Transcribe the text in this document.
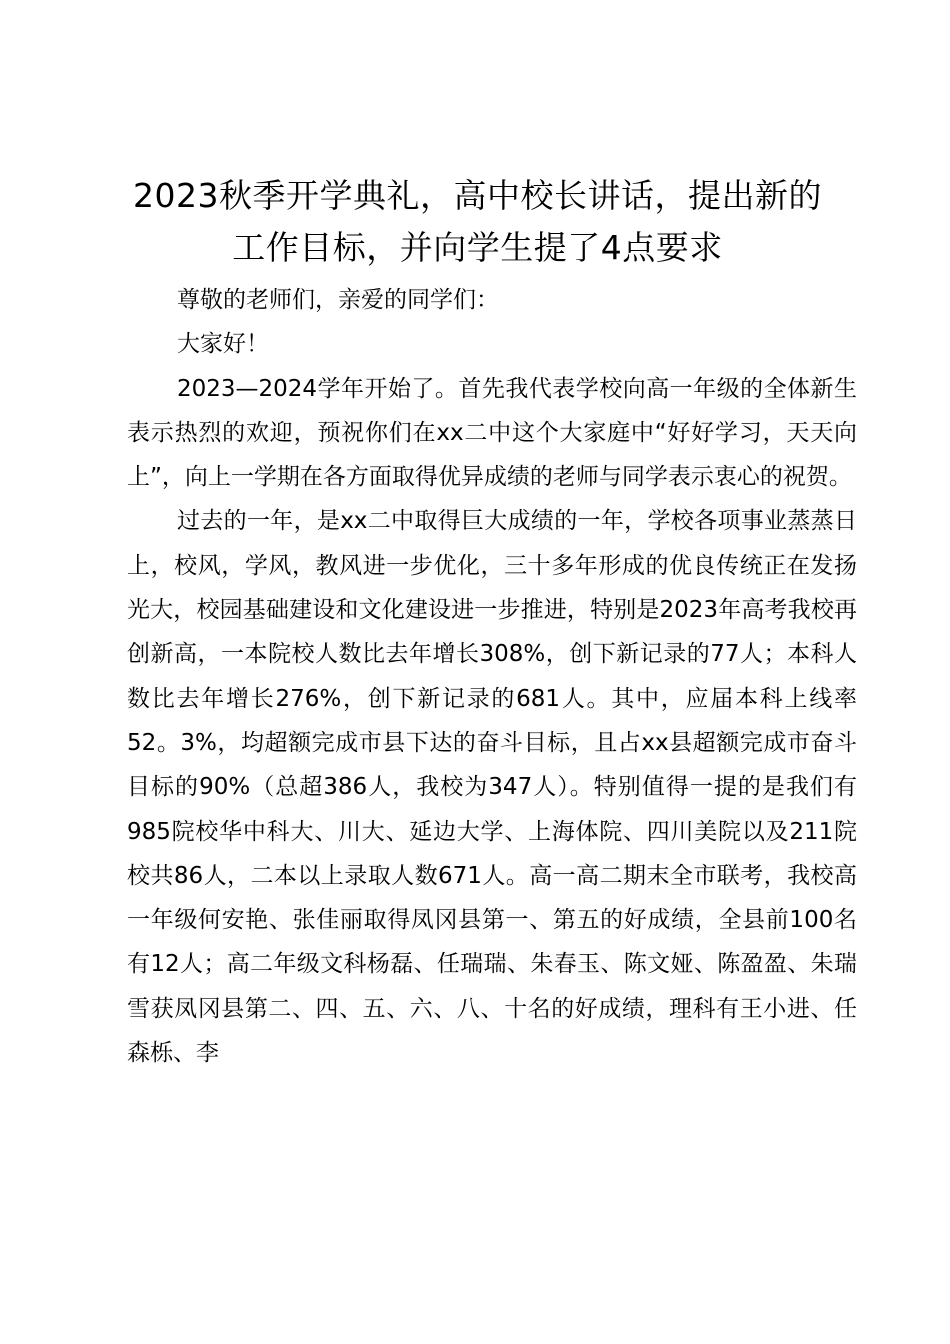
2023秋季开学典礼，高中校长讲话，提出新的工作目标，并向学生提了4点要求

尊敬的老师们，亲爱的同学们：

大家好！

2023—2024学年开始了。首先我代表学校向高一年级的全体新生表示热烈的欢迎，预祝你们在xx二中这个大家庭中“好好学习，天天向上”，向上一学期在各方面取得优异成绩的老师与同学表示衷心的祝贺。

过去的一年，是xx二中取得巨大成绩的一年，学校各项事业蒸蒸日上，校风，学风，教风进一步优化，三十多年形成的优良传统正在发扬光大，校园基础建设和文化建设进一步推进，特别是2023年高考我校再创新高，一本院校人数比去年增长308%，创下新记录的77人；本科人数比去年增长276%，创下新记录的681人。其中，应届本科上线率52。3%，均超额完成市县下达的奋斗目标，且占xx县超额完成市奋斗目标的90%（总超386人，我校为347人）。特别值得一提的是我们有985院校华中科大、川大、延边大学、上海体院、四川美院以及211院校共86人，二本以上录取人数671人。高一高二期末全市联考，我校高一年级何安艳、张佳丽取得凤冈县第一、第五的好成绩，全县前100名有12人；高二年级文科杨磊、任瑞瑞、朱春玉、陈文娅、陈盈盈、朱瑞雪获凤冈县第二、四、五、六、八、十名的好成绩，理科有王小进、任森栎、李
